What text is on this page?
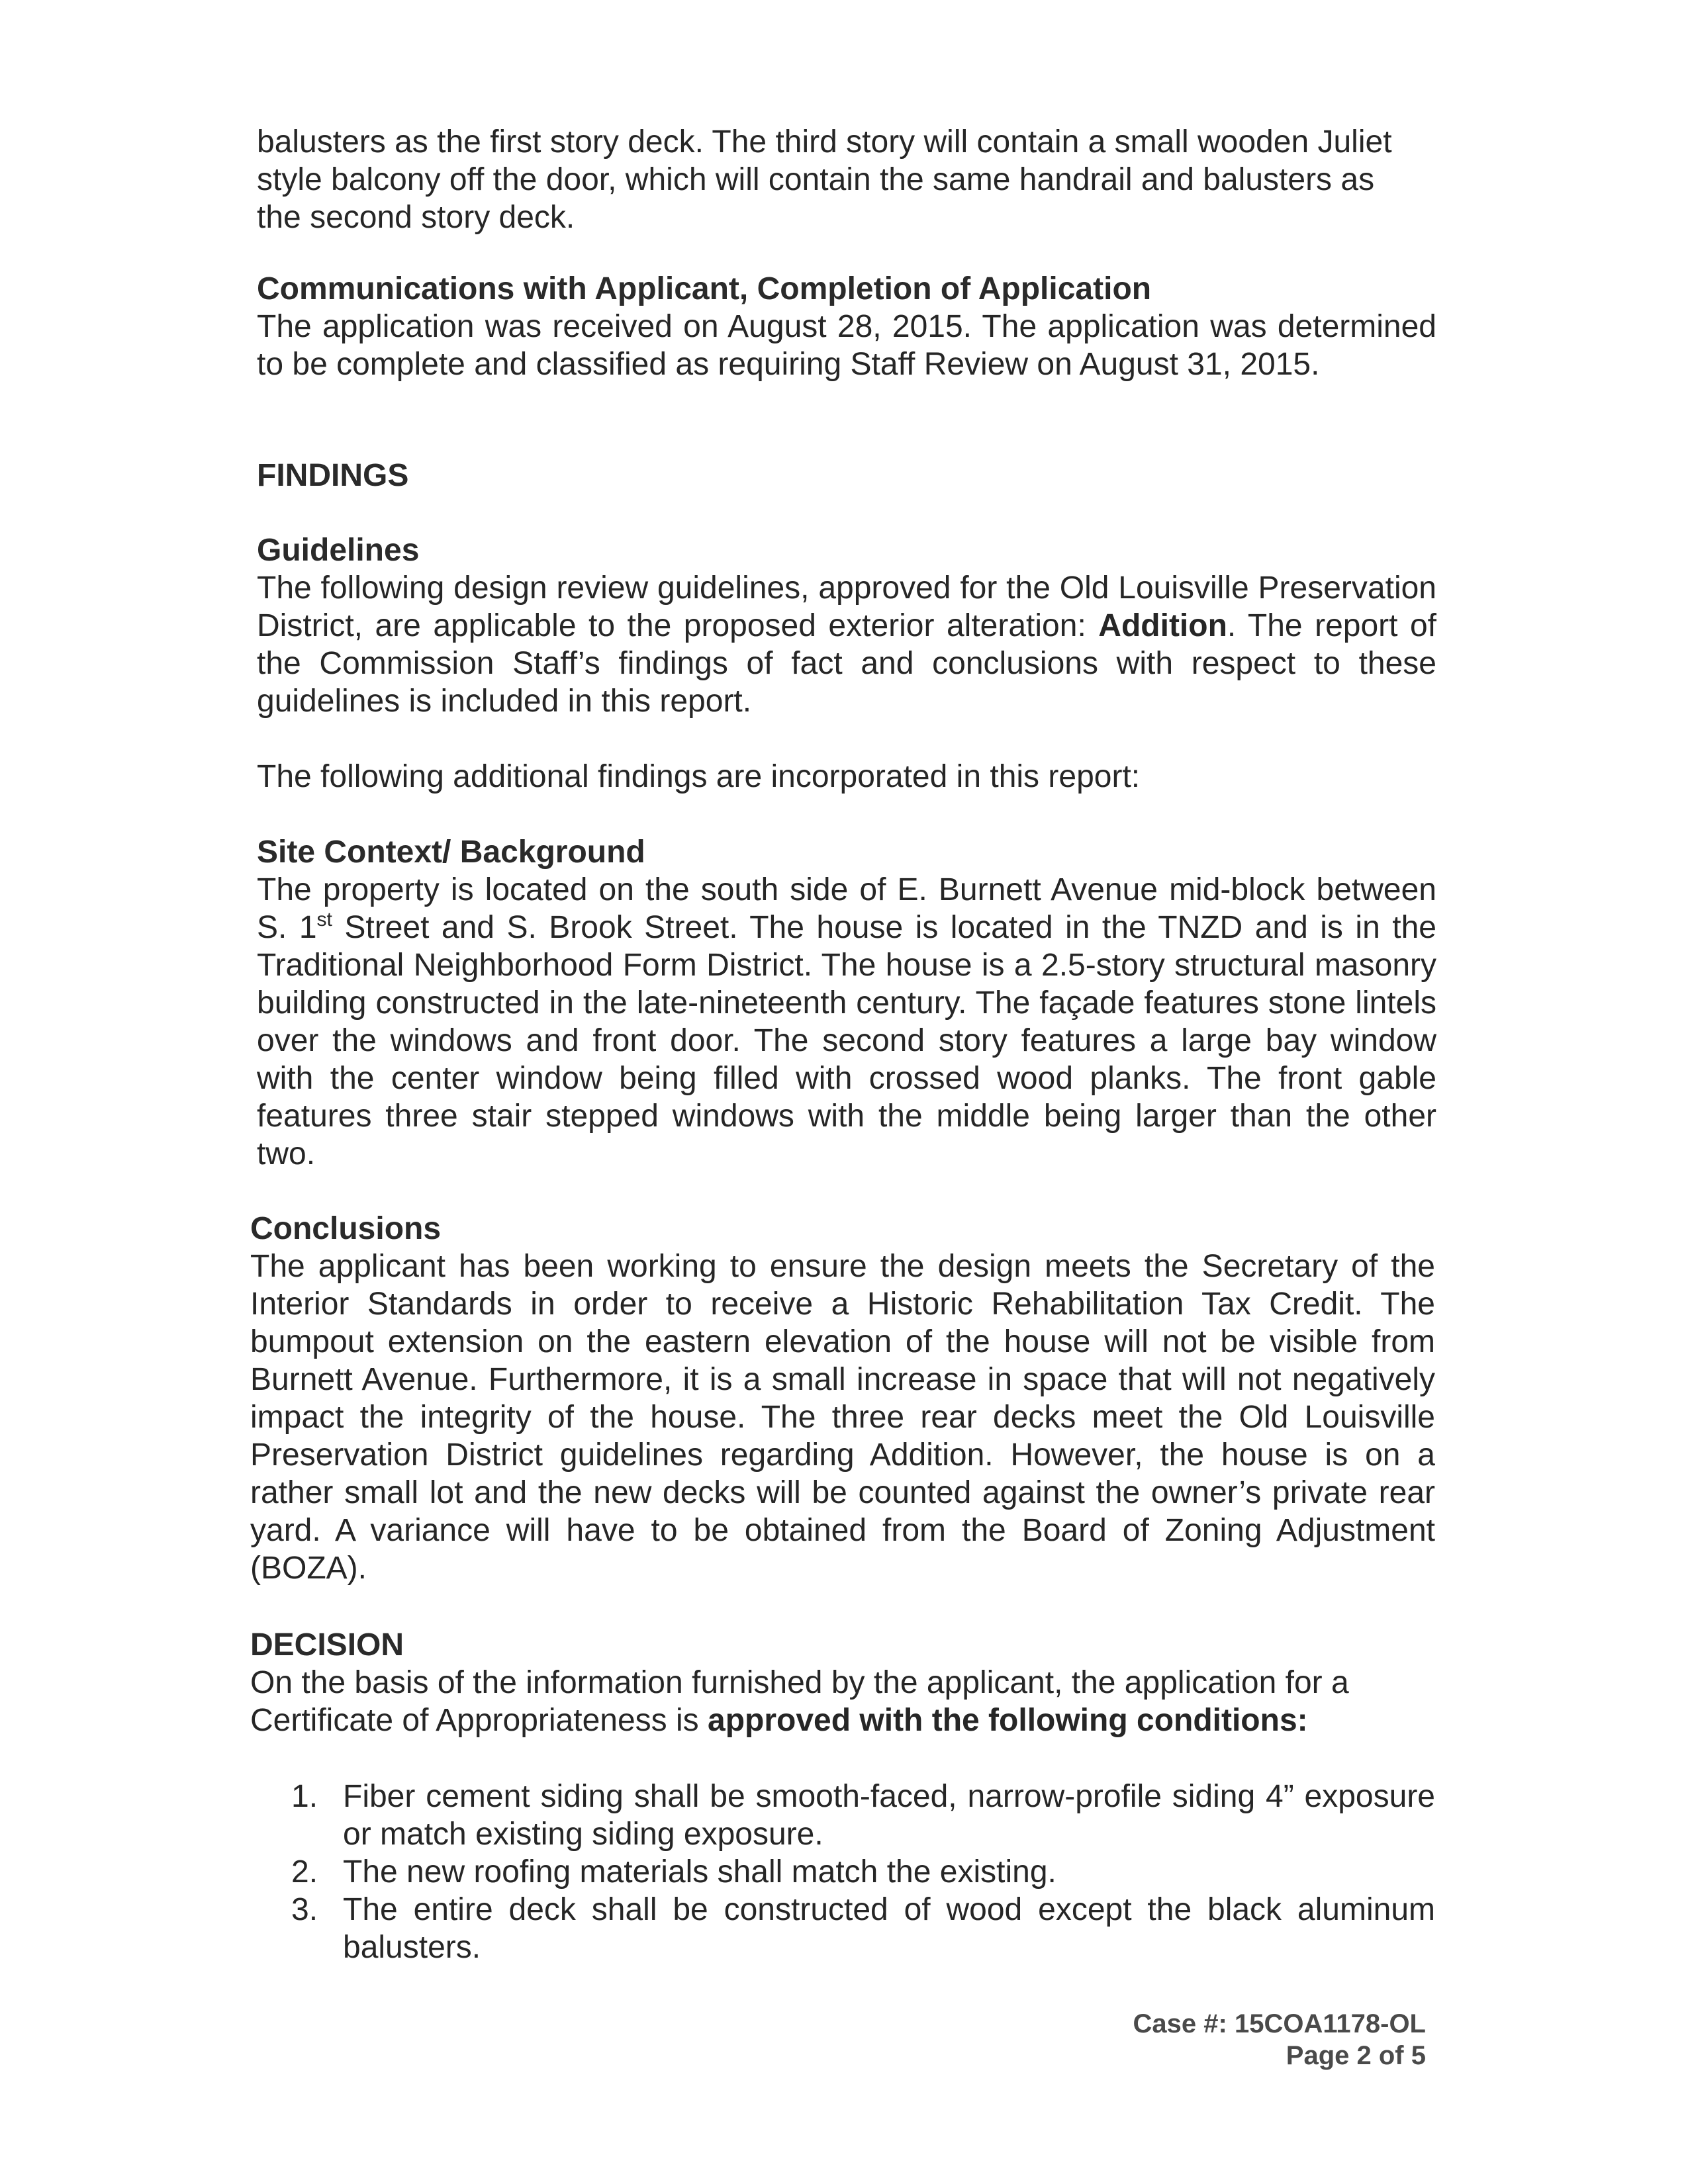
balusters as the first story deck. The third story will contain a small wooden Juliet
style balcony off the door, which will contain the same handrail and balusters as
the second story deck.
Communications with Applicant, Completion of Application
The application was received on August 28, 2015. The application was determined to be complete and classified as requiring Staff Review on August 31, 2015.
FINDINGS
Guidelines
The following design review guidelines, approved for the Old Louisville Preservation District, are applicable to the proposed exterior alteration: Addition. The report of the Commission Staff’s findings of fact and conclusions with respect to these guidelines is included in this report.
The following additional findings are incorporated in this report:
Site Context/ Background
The property is located on the south side of E. Burnett Avenue mid-block between S. 1st Street and S. Brook Street. The house is located in the TNZD and is in the Traditional Neighborhood Form District. The house is a 2.5-story structural masonry building constructed in the late-nineteenth century. The façade features stone lintels over the windows and front door. The second story features a large bay window with the center window being filled with crossed wood planks. The front gable features three stair stepped windows with the middle being larger than the other two.
Conclusions
The applicant has been working to ensure the design meets the Secretary of the Interior Standards in order to receive a Historic Rehabilitation Tax Credit. The bumpout extension on the eastern elevation of the house will not be visible from Burnett Avenue. Furthermore, it is a small increase in space that will not negatively impact the integrity of the house. The three rear decks meet the Old Louisville Preservation District guidelines regarding Addition. However, the house is on a rather small lot and the new decks will be counted against the owner’s private rear yard. A variance will have to be obtained from the Board of Zoning Adjustment (BOZA).
DECISION
On the basis of the information furnished by the applicant, the application for a Certificate of Appropriateness is approved with the following conditions:
1. Fiber cement siding shall be smooth-faced, narrow-profile siding 4” exposure or match existing siding exposure.
2. The new roofing materials shall match the existing.
3. The entire deck shall be constructed of wood except the black aluminum balusters.
Case #: 15COA1178-OL
Page 2 of 5
